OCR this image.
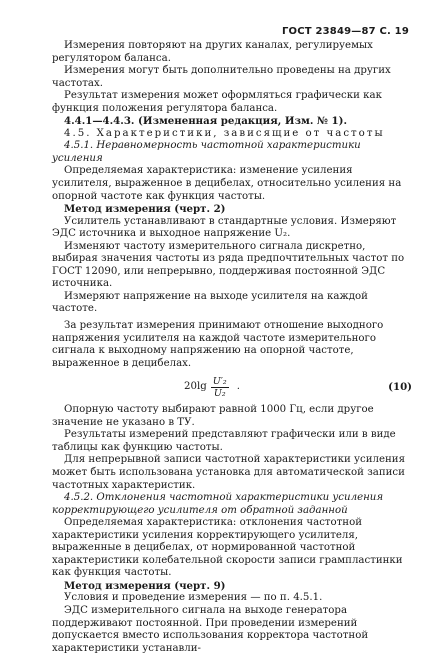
ГОСТ 23849—87 С. 19

Измерения повторяют на других каналах, регулируемых регулятором баланса.

Измерения могут быть дополнительно проведены на других частотах.

Результат измерения может оформляться графически как функция положения регулятора баланса.

4.4.1—4.4.3. (Измененная редакция, Изм. № 1).

4.5. Характеристики, зависящие от частоты

4.5.1. Неравномерность частотной характеристики усиления

Определяемая характеристика: изменение усиления усилителя, выраженное в децибелах, относительно усиления на опорной частоте как функция частоты.

Метод измерения (черт. 2)

Усилитель устанавливают в стандартные условия. Измеряют ЭДС источника и выходное напряжение U₂.

Изменяют частоту измерительного сигнала дискретно, выбирая значения частоты из ряда предпочтительных частот по ГОСТ 12090, или непрерывно, поддерживая постоянной ЭДС источника.

Измеряют напряжение на выходе усилителя на каждой частоте.

За результат измерения принимают отношение выходного напряжения усилителя на каждой частоте измерительного сигнала к выходному напряжению на опорной частоте, выраженное в децибелах.

$20\lg \frac{\text{U′₂}}{\text{U₂}}$ .	(10)

Опорную частоту выбирают равной 1000 Гц, если другое значение не указано в ТУ.

Результаты измерений представляют графически или в виде таблицы как функцию частоты.

Для непрерывной записи частотной характеристики усиления может быть использована установка для автоматической записи частотных характеристик.

4.5.2. Отклонения частотной характеристики усиления корректирующего усилителя от обратной заданной

Определяемая характеристика: отклонения частотной характеристики усиления корректирующего усилителя, выраженные в децибелах, от нормированной частотной характеристики колебательной скорости записи грампластинки как функция частоты.

Метод измерения (черт. 9)

Условия и проведение измерения — по п. 4.5.1.

ЭДС измерительного сигнала на выходе генератора поддерживают постоянной. При проведении измерений допускается вместо использования корректора частотной характеристики устанавли-
